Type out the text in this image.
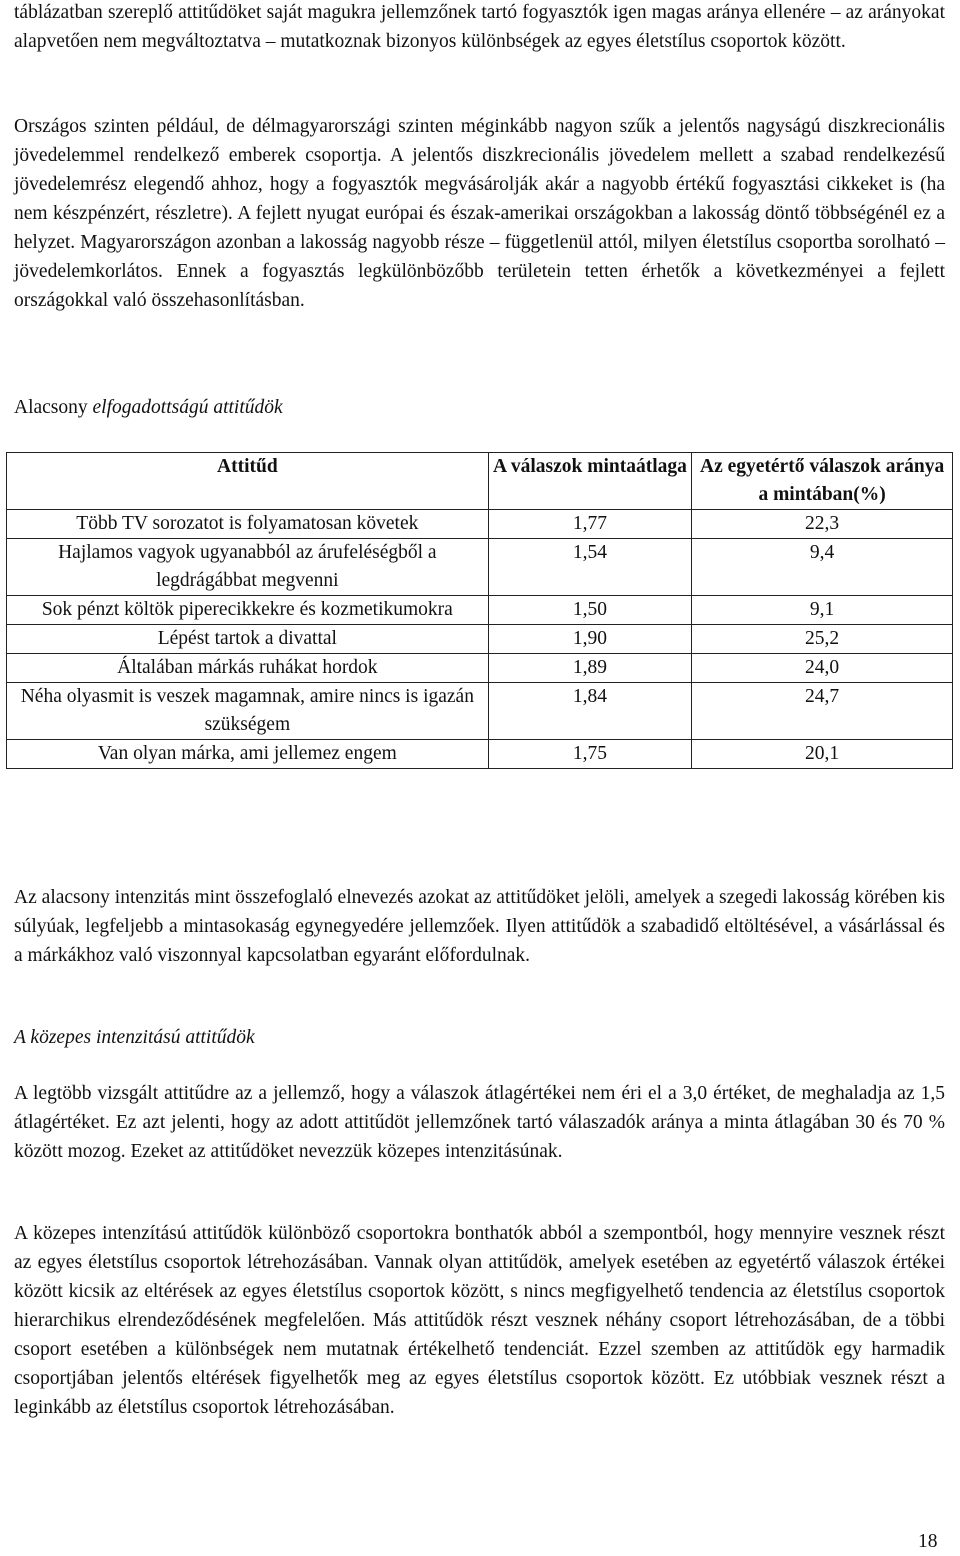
táblázatban szereplő attitűdöket saját magukra jellemzőnek tartó fogyasztók igen magas aránya ellenére – az arányokat alapvetően nem megváltoztatva – mutatkoznak bizonyos különbségek az egyes életstílus csoportok között.

Országos szinten például, de délmagyarországi szinten méginkább nagyon szűk a jelentős nagyságú diszkrecionális jövedelemmel rendelkező emberek csoportja. A jelentős diszkrecionális jövedelem mellett a szabad rendelkezésű jövedelemrész elegendő ahhoz, hogy a fogyasztók megvásárolják akár a nagyobb értékű fogyasztási cikkeket is (ha nem készpénzért, részletre). A fejlett nyugat európai és észak-amerikai országokban a lakosság döntő többségénél ez a helyzet. Magyarországon azonban a lakosság nagyobb része – függetlenül attól, milyen életstílus csoportba sorolható – jövedelemkorlátos. Ennek a fogyasztás legkülönbözőbb területein tetten érhetők a következményei a fejlett országokkal való összehasonlításban.

Alacsony elfogadottságú attitűdök
Attitűd	A válaszok mintaátlaga	Az egyetértő válaszok aránya a mintában(%)
Több TV sorozatot is folyamatosan követek	1,77	22,3
Hajlamos vagyok ugyanabból az árufeléségből a legdrágábbat megvenni	1,54	9,4
Sok pénzt költök piperecikkekre és kozmetikumokra	1,50	9,1
Lépést tartok a divattal	1,90	25,2
Általában márkás ruhákat hordok	1,89	24,0
Néha olyasmit is veszek magamnak, amire nincs is igazán szükségem	1,84	24,7
Van olyan márka, ami jellemez engem	1,75	20,1

Az alacsony intenzitás mint összefoglaló elnevezés azokat az attitűdöket jelöli, amelyek a szegedi lakosság körében kis súlyúak, legfeljebb a mintasokaság egynegyedére jellemzőek. Ilyen attitűdök a szabadidő eltöltésével, a vásárlással és a márkákhoz való viszonnyal kapcsolatban egyaránt előfordulnak.

A közepes intenzitású attitűdök

A legtöbb vizsgált attitűdre az a jellemző, hogy a válaszok átlagértékei nem éri el a 3,0 értéket, de meghaladja az 1,5 átlagértéket. Ez azt jelenti, hogy az adott attitűdöt jellemzőnek tartó válaszadók aránya a minta átlagában 30 és 70 % között mozog. Ezeket az attitűdöket nevezzük közepes intenzitásúnak.

A közepes intenzítású attitűdök különböző csoportokra bonthatók abból a szempontból, hogy mennyire vesznek részt az egyes életstílus csoportok létrehozásában. Vannak olyan attitűdök, amelyek esetében az egyetértő válaszok értékei között kicsik az eltérések az egyes életstílus csoportok között, s nincs megfigyelhető tendencia az életstílus csoportok hierarchikus elrendeződésének megfelelően. Más attitűdök részt vesznek néhány csoport létrehozásában, de a többi csoport esetében a különbségek nem mutatnak értékelhető tendenciát. Ezzel szemben az attitűdök egy harmadik csoportjában jelentős eltérések figyelhetők meg az egyes életstílus csoportok között. Ez utóbbiak vesznek részt a leginkább az életstílus csoportok létrehozásában.

18
